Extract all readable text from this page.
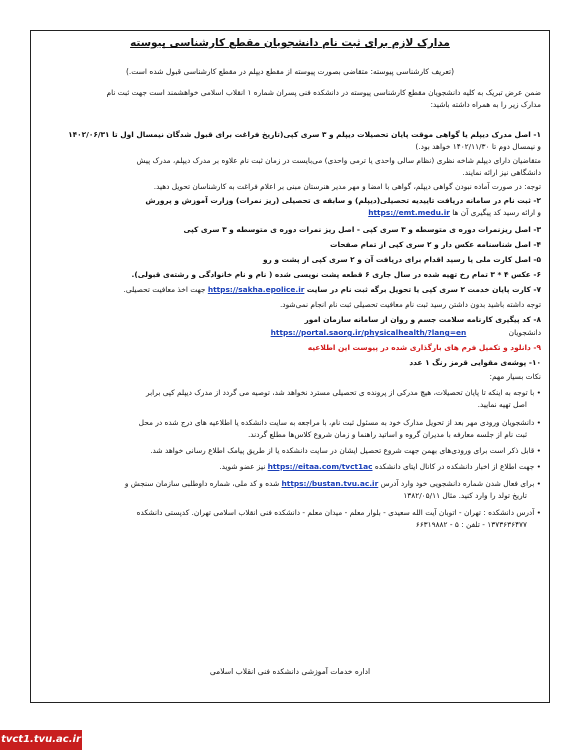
مدارک لازم برای ثبت نام دانشجویان مقطع کارشناسی پیوسته
(تعریف کارشناسی پیوسته: متقاضی بصورت پیوسته از مقطع دیپلم در مقطع کارشناسی قبول شده است.)
ضمن عرض تبریک به کلیه دانشجویان مقطع کارشناسی پیوسته در دانشکده فنی پسران شماره ۱ انقلاب اسلامی خواهشمند است جهت ثبت نام
مدارک زیر را به همراه داشته باشید:
۱- اصل مدرک دیپلم یا گواهی موقت پایان تحصیلات دیپلم و ۳ سری کپی(تاریخ فراغت برای قبول شدگان نیمسال اول تا ۱۴۰۲/۰۶/۳۱
و نیمسال دوم تا ۱۴۰۲/۱۱/۳۰ خواهد بود.)
متقاضیان دارای دیپلم شاخه نظری (نظام سالی واحدی یا ترمی واحدی) می‌بایست در زمان ثبت نام علاوه بر مدرک دیپلم، مدرک پیش
دانشگاهی نیز ارائه نمایند.
توجه: در صورت آماده نبودن گواهی دیپلم، گواهی با امضا و مهر مدیر هنرستان مبنی بر اعلام فراغت به کارشناسان تحویل دهید.
۲- ثبت نام در سامانه دریافت تاییدیه تحصیلی(دیپلم) و سابقه ی تحصیلی (ریز نمرات) وزارت آموزش و پرورش
و ارائه رسید کد پیگیری آن ها https://emt.medu.ir
۳- اصل ریزنمرات دوره ی متوسطه و ۳ سری کپی - اصل ریز نمرات دوره ی متوسطه و ۳ سری کپی
۴- اصل شناسنامه عکس دار و ۲ سری کپی از تمام صفحات
۵- اصل کارت ملی یا رسید اقدام برای دریافت آن و ۲ سری کپی از پشت و رو
۶- عکس ۴ * ۳ تمام رخ تهیه شده در سال جاری ۶ قطعه پشت نویسی شده ( نام و نام خانوادگی و رشته‌ی قبولی).
۷- کارت پایان خدمت ۲ سری کپی یا تحویل برگه ثبت نام در سایت https://sakha.epolice.ir جهت اخذ معافیت تحصیلی.
توجه داشته باشید بدون داشتن رسید ثبت نام معافیت تحصیلی ثبت نام انجام نمی‌شود.
۸- کد پیگیری کارنامه سلامت جسم و روان از سامانه سازمان امور
دانشجویان https://portal.saorg.ir/physicalhealth/?lang=en
۹- دانلود و تکمیل فرم های بارگذاری شده در پیوست این اطلاعیه
۱۰- پوشه‌ی مقوایی قرمز رنگ ۱ عدد
نکات بسیار مهم:
• با توجه به اینکه تا پایان تحصیلات، هیچ مدرکی از پرونده ی تحصیلی مسترد نخواهد شد، توصیه می گردد از مدرک دیپلم کپی برابر
اصل تهیه نمایید.
• دانشجویان ورودی مهر بعد از تحویل مدارک خود به مسئول ثبت نام، با مراجعه به سایت دانشکده یا اطلاعیه های درج شده در محل
ثبت نام از جلسه معارفه با مدیران گروه و اساتید راهنما و زمان شروع کلاس‌ها مطلع گردند.
• قابل ذکر است برای ورودی‌های بهمن جهت شروع تحصیل ایشان در سایت دانشکده یا از طریق پیامک اطلاع رسانی خواهد شد.
• جهت اطلاع از اخبار دانشکده در کانال ایتای دانشکده https://eitaa.com/tvct1ac نیز عضو شوید.
• برای فعال شدن شماره دانشجویی خود وارد آدرس https://bustan.tvu.ac.ir شده و کد ملی، شماره داوطلبی سازمان سنجش و
تاریخ تولد را وارد کنید. مثال ۱۳۸۲/۰۵/۱۱
• آدرس دانشکده : تهران - اتوبان آیت الله سعیدی - بلوار معلم - میدان معلم - دانشکده فنی انقلاب اسلامی تهران. کدپستی دانشکده
۱۳۷۳۶۳۶۴۷۷ - تلفن : ۵ - ۶۶۳۱۹۸۸۲
اداره خدمات آموزشی دانشکده فنی انقلاب اسلامی
tvct1.tvu.ac.ir
